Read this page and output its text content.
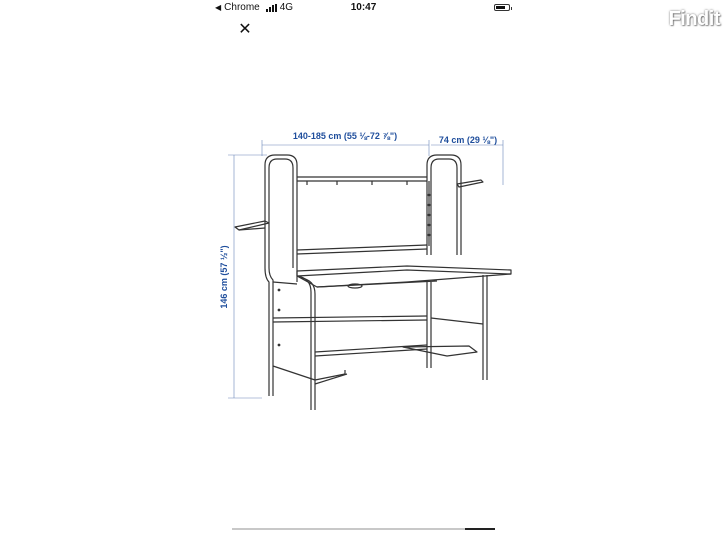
◀ Chrome 4G	10:47
✕
140-185 cm (55 ⅛-72 ⅞")	74 cm (29 ⅛")
146 cm (57 ½")
Findit
